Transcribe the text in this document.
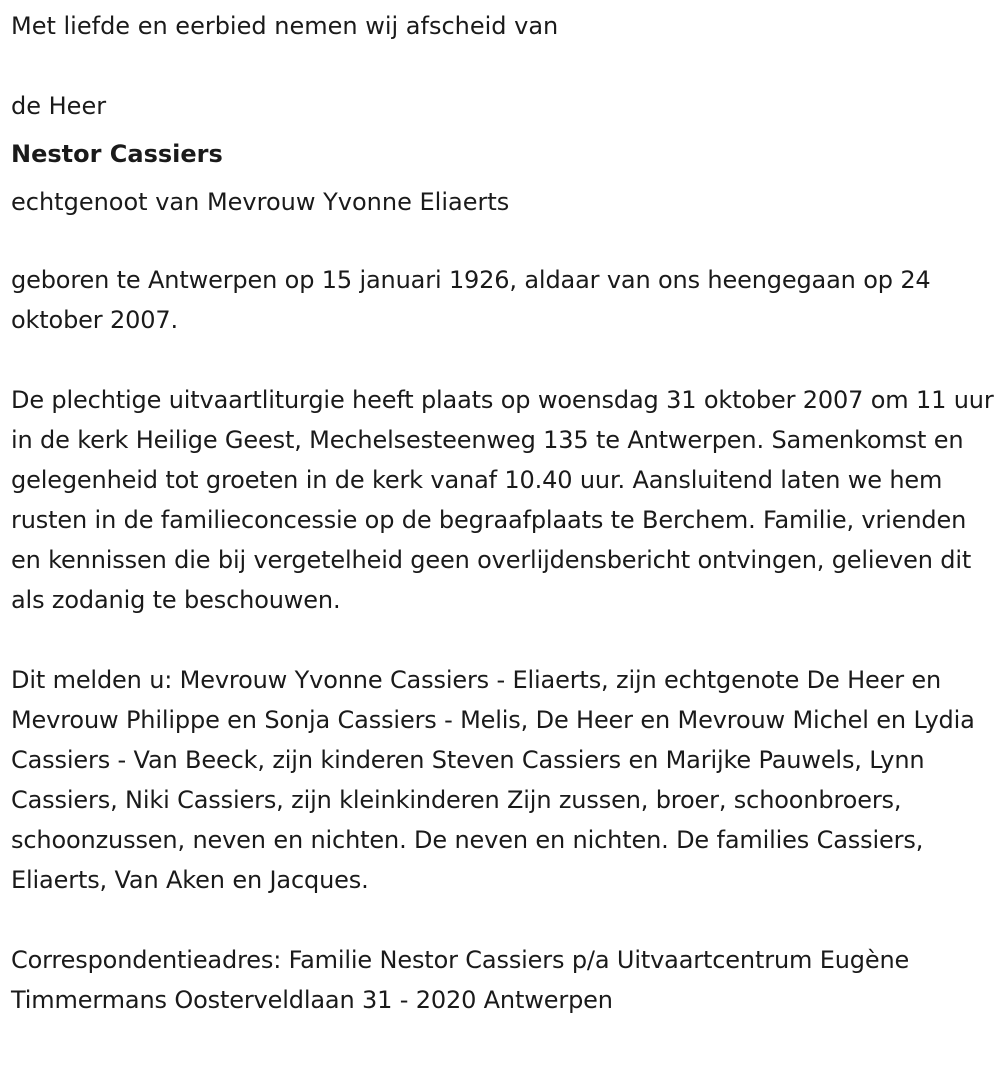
Met liefde en eerbied nemen wij afscheid van

de Heer

Nestor Cassiers

echtgenoot van Mevrouw Yvonne Eliaerts

geboren te Antwerpen op 15 januari 1926, aldaar van ons heengegaan op 24 oktober 2007.

De plechtige uitvaartliturgie heeft plaats op woensdag 31 oktober 2007 om 11 uur in de kerk Heilige Geest, Mechelsesteenweg 135 te Antwerpen. Samenkomst en gelegenheid tot groeten in de kerk vanaf 10.40 uur. Aansluitend laten we hem rusten in de familieconcessie op de begraafplaats te Berchem. Familie, vrienden en kennissen die bij vergetelheid geen overlijdensbericht ontvingen, gelieven dit als zodanig te beschouwen.

Dit melden u: Mevrouw Yvonne Cassiers - Eliaerts, zijn echtgenote De Heer en Mevrouw Philippe en Sonja Cassiers - Melis, De Heer en Mevrouw Michel en Lydia Cassiers - Van Beeck, zijn kinderen Steven Cassiers en Marijke Pauwels, Lynn Cassiers, Niki Cassiers, zijn kleinkinderen Zijn zussen, broer, schoonbroers, schoonzussen, neven en nichten. De neven en nichten. De families Cassiers, Eliaerts, Van Aken en Jacques.

Correspondentieadres: Familie Nestor Cassiers p/a Uitvaartcentrum Eugène Timmermans Oosterveldlaan 31 - 2020 Antwerpen
